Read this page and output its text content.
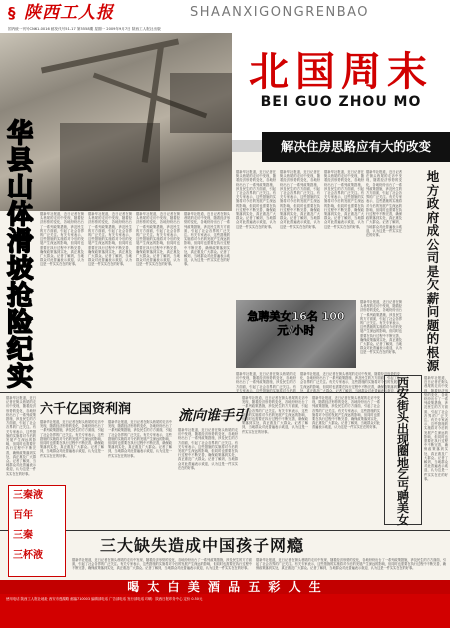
§ 陕西工人报	SHAANXIGONGRENBAO
国内统一刊号CN61-0016 邮发代号51-17 第5558期 星期一 2009年9月7日 陕西工人报社出版
北国周末
BEI GUO ZHOU MO
解决住房思路应有大的改变
华
县
山
体
滑
坡
抢
险
纪
实
据新华社报道，近日记者在街头巷尾的走访中发现，随着经济形势的变化，各地纷纷出台了一系列政策措施，涉及民生的方方面面，引起了社会各界的广泛关注。有关专家表示，这些措施的实施将对今后的发展产生深远的影响，但同时也需要在执行过程中不断完善，确保政策落到实处，真正惠及广大群众。记者了解到，当地群众对此普遍表示欢迎，认为这是一件实实在在的好事。
据新华社报道，近日记者在街头巷尾的走访中发现，随着经济形势的变化，各地纷纷出台了一系列政策措施，涉及民生的方方面面，引起了社会各界的广泛关注。有关专家表示，这些措施的实施将对今后的发展产生深远的影响，但同时也需要在执行过程中不断完善，确保政策落到实处，真正惠及广大群众。记者了解到，当地群众对此普遍表示欢迎，认为这是一件实实在在的好事。
据新华社报道，近日记者在街头巷尾的走访中发现，随着经济形势的变化，各地纷纷出台了一系列政策措施，涉及民生的方方面面，引起了社会各界的广泛关注。有关专家表示，这些措施的实施将对今后的发展产生深远的影响，但同时也需要在执行过程中不断完善，确保政策落到实处，真正惠及广大群众。记者了解到，当地群众对此普遍表示欢迎，认为这是一件实实在在的好事。
据新华社报道，近日记者在街头巷尾的走访中发现，随着经济形势的变化，各地纷纷出台了一系列政策措施，涉及民生的方方面面，引起了社会各界的广泛关注。有关专家表示，这些措施的实施将对今后的发展产生深远的影响，但同时也需要在执行过程中不断完善，确保政策落到实处，真正惠及广大群众。记者了解到，当地群众对此普遍表示欢迎，认为这是一件实实在在的好事。
据新华社报道，近日记者在街头巷尾的走访中发现，随着经济形势的变化，各地纷纷出台了一系列政策措施，涉及民生的方方面面，引起了社会各界的广泛关注。有关专家表示，这些措施的实施将对今后的发展产生深远的影响，但同时也需要在执行过程中不断完善，确保政策落到实处，真正惠及广大群众。记者了解到，当地群众对此普遍表示欢迎，认为这是一件实实在在的好事。
据新华社报道，近日记者在街头巷尾的走访中发现，随着经济形势的变化，各地纷纷出台了一系列政策措施，涉及民生的方方面面，引起了社会各界的广泛关注。有关专家表示，这些措施的实施将对今后的发展产生深远的影响，但同时也需要在执行过程中不断完善，确保政策落到实处，真正惠及广大群众。记者了解到，当地群众对此普遍表示欢迎，认为这是一件实实在在的好事。
据新华社报道，近日记者在街头巷尾的走访中发现，随着经济形势的变化，各地纷纷出台了一系列政策措施，涉及民生的方方面面，引起了社会各界的广泛关注。有关专家表示，这些措施的实施将对今后的发展产生深远的影响，但同时也需要在执行过程中不断完善，确保政策落到实处，真正惠及广大群众。记者了解到，当地群众对此普遍表示欢迎，认为这是一件实实在在的好事。
据新华社报道，近日记者在街头巷尾的走访中发现，随着经济形势的变化，各地纷纷出台了一系列政策措施，涉及民生的方方面面，引起了社会各界的广泛关注。有关专家表示，这些措施的实施将对今后的发展产生深远的影响，但同时也需要在执行过程中不断完善，确保政策落到实处，真正惠及广大群众。记者了解到，当地群众对此普遍表示欢迎，认为这是一件实实在在的好事。
据新华社报道，近日记者在街头巷尾的走访中发现，随着经济形势的变化，各地纷纷出台了一系列政策措施，涉及民生的方方面面，引起了社会各界的广泛关注。有关专家表示，这些措施的实施将对今后的发展产生深远的影响，但同时也需要在执行过程中不断完善，确保政策落到实处，真正惠及广大群众。记者了解到，当地群众对此普遍表示欢迎，认为这是一件实实在在的好事。
据新华社报道，近日记者在街头巷尾的走访中发现，随着经济形势的变化，各地纷纷出台了一系列政策措施，涉及民生的方方面面，引起了社会各界的广泛关注。有关专家表示，这些措施的实施将对今后的
据新华社报道，近日记者在街头巷尾的走访中发现，随着经济形势的变化，各地纷纷出台了一系列政策措施，涉及民生的方方面面，引起了社会各界的广泛关注。有关专家表示，这些措施的实施将对今后的发展产生深远的影响，但同时也需要在执行过程中不断完善，确保政策落到实处，真正惠及广大群众。记者了解到，当地群众对此普遍表示欢迎，认
地
方
政
府
成
公
司
是
欠
薪
问
题
的
根
源
急聘美女16名 100元/小时
据新华社报道，近日记者在街头巷尾的走访中发现，随着经济形势的变化，各地纷纷出台了一系列政策措施，涉及民生的方方面面，引起了社会各界的广泛关注。有关专家表示，这些措施的实施将对今后的发展产生深远的影响，但同时也需要在执行过程中不断完善，确保政策落到实处，真正惠及广大群众。记者了解到，当地群众对此普遍表示欢迎，认为这是一件实实在在的好事。
六千亿国资利润
据新华社报道，近日记者在街头巷尾的走访中发现，随着经济形势的变化，各地纷纷出台了一系列政策措施，涉及民生的方方面面，引起了社会各界的广泛关注。有关专家表示，这些措施的实施将对今后的发展产生深远的影响，但同时也需要在执行过程中不断完善，确保政策落到实处，真正惠及广大群众。记者了解到，当地群众对此普遍表示欢迎，认为这是一件实实在在的好事。
据新华社报道，近日记者在街头巷尾的走访中发现，随着经济形势的变化，各地纷纷出台了一系列政策措施，涉及民生的方方面面，引起了社会各界的广泛关注。有关专家表示，这些措施的实施将对今后的发展产生深远的影响，但同时也需要在执行过程中不断完善，确保政策落到实处，真正惠及广大群众。记者了解到，当地群众对此普遍表示欢迎，认为这是一件实实在在的好事。
流向谁手引
据新华社报道，近日记者在街头巷尾的走访中发现，随着经济形势的变化，各地纷纷出台了一系列政策措施，涉及民生的方方面面，引起了社会各界的广泛关注。有关专家表示，这些措施的实施将对今后的发展产生深远的影响，但同时也需要在执行过程中不断完善，确保政策落到实处，真正惠及广大群众。记者了解到，当地群众对此普遍表示欢迎，认为这是一件实实在在的好事。
据新华社报道，近日记者在街头巷尾的走访中发现，随着经济形势的变化，各地纷纷出台了一系列政策措施，涉及民生的方方面面，引起了社会各界的广泛关注。有关专家表示，这些措施的实施将对今后的发展产生深远的影响，但同时也需要在执行过程中不断完善，确保政策落到实处，真正惠及广大群众。记者了解到，当地群众对此普遍表示欢迎，认为这是一件实实在在的好事。
据新华社报道，近日记者在街头巷尾的走访中发现，随着经济形势的变化，各地纷纷出台了一系列政策措施，涉及民生的方方面面，引起了社会各界的广泛关注。有关专家表示，这些措施的实施将对今后的发展产生深远的影响，但同时也需要在执行过程中不断完善，确保政策落到实处，真正惠及广大群众。记者了解到，当地群众对此普遍表示欢迎，认为这是一件实实在在的好事。
西
安
街
头
出
现
圈
地
乞
丐
聘
美
女
据新华社报道，近日记者在街头巷尾的走访中发现，随着经济形势的变化，各地纷纷出台了一系列政策措施，涉及民生的方方面面，引起了社会各界的广泛关注。有关专家表示，这些措施的实施将对今后的发展产生深远的影响，但同时也需要在执行过程中不断完善，确保政策落到实处，真正惠及广大群众。记者了解到，当地群众对此普遍表示欢迎，认为这是一件实实在在的好事。
三秦液
百年
三秦
三杯液
三大缺失造成中国孩子网瘾
据新华社报道，近日记者在街头巷尾的走访中发现，随着经济形势的变化，各地纷纷出台了一系列政策措施，涉及民生的方方面面，引起了社会各界的广泛关注。有关专家表示，这些措施的实施将对今后的发展产生深远的影响，但同时也需要在执行过程中不断完善，确保政策落到实处，真正惠及广大群众。记者了解到，当地群众对此普遍表示欢迎，认为这是一件实实在在的好事。
据新华社报道，近日记者在街头巷尾的走访中发现，随着经济形势的变化，各地纷纷出台了一系列政策措施，涉及民生的方方面面，引起了社会各界的广泛关注。有关专家表示，这些措施的实施将对今后的发展产生深远的影响，但同时也需要在执行过程中不断完善，确保政策落到实处，真正惠及广大群众。记者了解到，当地群众对此普遍表示欢迎，认为这是一件实实在在的好事。
喝 太 白 美 酒 品 五 彩 人 生
使用电话 陕西工人报社地址 西安市莲湖路 邮编710003 编辑部电话 广告部电话 发行部电话 印刷：陕西日报印务中心 定价 0.50元
